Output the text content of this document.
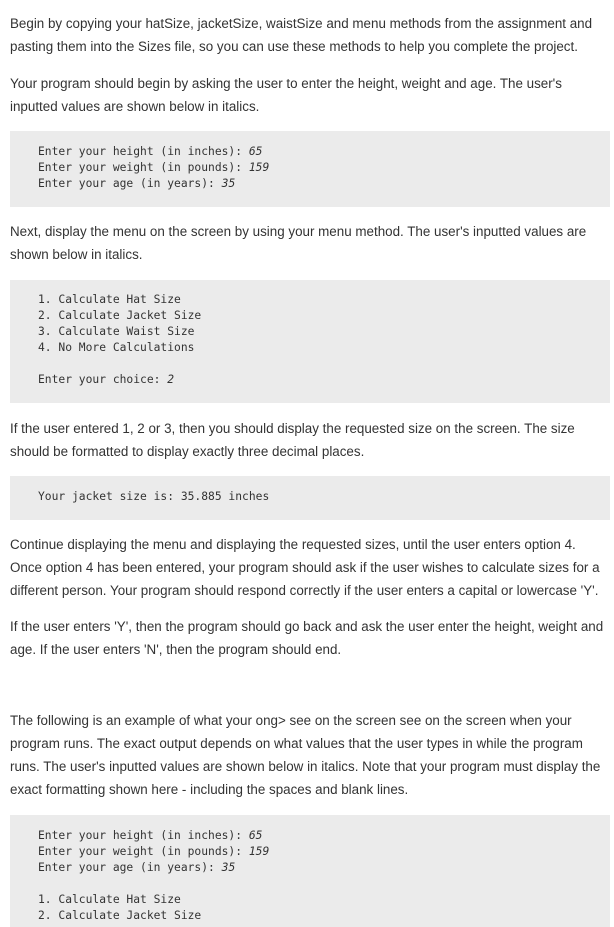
Begin by copying your hatSize, jacketSize, waistSize and menu methods from the assignment and pasting them into the Sizes file, so you can use these methods to help you complete the project.

Your program should begin by asking the user to enter the height, weight and age. The user's inputted values are shown below in italics.

Enter your height (in inches): 65
Enter your weight (in pounds): 159
Enter your age (in years): 35

Next, display the menu on the screen by using your menu method. The user's inputted values are shown below in italics.

1. Calculate Hat Size
2. Calculate Jacket Size
3. Calculate Waist Size
4. No More Calculations
Enter your choice: 2

If the user entered 1, 2 or 3, then you should display the requested size on the screen. The size should be formatted to display exactly three decimal places.

Your jacket size is: 35.885 inches

Continue displaying the menu and displaying the requested sizes, until the user enters option 4. Once option 4 has been entered, your program should ask if the user wishes to calculate sizes for a different person. Your program should respond correctly if the user enters a capital or lowercase 'Y'.

If the user enters 'Y', then the program should go back and ask the user enter the height, weight and age. If the user enters 'N', then the program should end.

The following is an example of what your ong> see on the screen see on the screen when your program runs. The exact output depends on what values that the user types in while the program runs. The user's inputted values are shown below in italics. Note that your program must display the exact formatting shown here - including the spaces and blank lines.

Enter your height (in inches): 65
Enter your weight (in pounds): 159
Enter your age (in years): 35
1. Calculate Hat Size
2. Calculate Jacket Size
